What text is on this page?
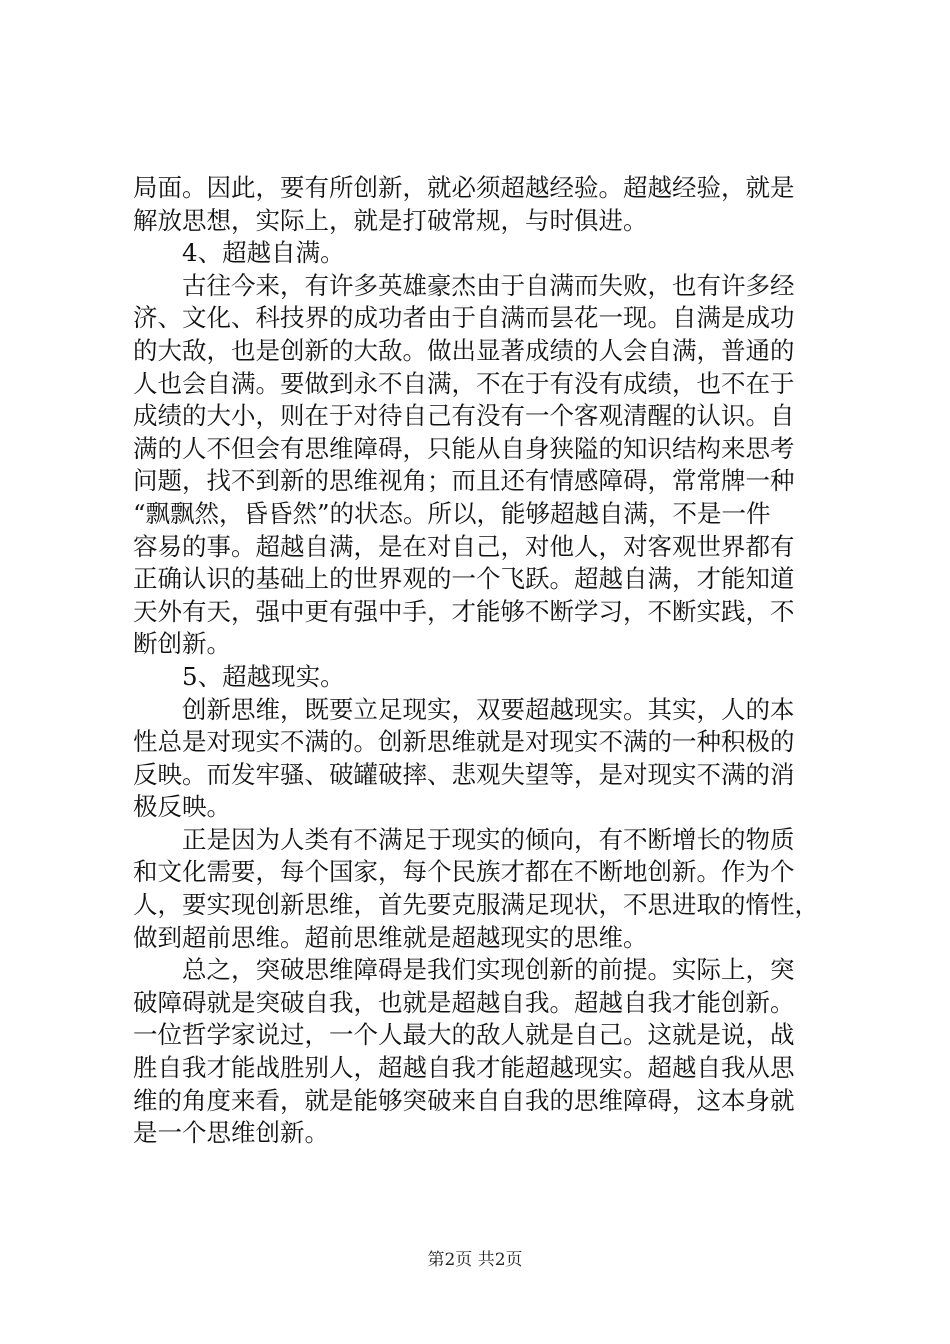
局面。因此，要有所创新，就必须超越经验。超越经验，就是
解放思想，实际上，就是打破常规，与时俱进。

4、超越自满。

古往今来，有许多英雄豪杰由于自满而失败，也有许多经
济、文化、科技界的成功者由于自满而昙花一现。自满是成功
的大敌，也是创新的大敌。做出显著成绩的人会自满，普通的
人也会自满。要做到永不自满，不在于有没有成绩，也不在于
成绩的大小，则在于对待自己有没有一个客观清醒的认识。自
满的人不但会有思维障碍，只能从自身狭隘的知识结构来思考
问题，找不到新的思维视角；而且还有情感障碍，常常牌一种
“飘飘然，昏昏然”的状态。所以，能够超越自满，不是一件
容易的事。超越自满，是在对自己，对他人，对客观世界都有
正确认识的基础上的世界观的一个飞跃。超越自满，才能知道
天外有天，强中更有强中手，才能够不断学习，不断实践，不
断创新。

5、超越现实。

创新思维，既要立足现实，双要超越现实。其实，人的本
性总是对现实不满的。创新思维就是对现实不满的一种积极的
反映。而发牢骚、破罐破摔、悲观失望等，是对现实不满的消
极反映。

正是因为人类有不满足于现实的倾向，有不断增长的物质
和文化需要，每个国家，每个民族才都在不断地创新。作为个
人，要实现创新思维，首先要克服满足现状，不思进取的惰性，
做到超前思维。超前思维就是超越现实的思维。

总之，突破思维障碍是我们实现创新的前提。实际上，突
破障碍就是突破自我，也就是超越自我。超越自我才能创新。
一位哲学家说过，一个人最大的敌人就是自己。这就是说，战
胜自我才能战胜别人，超越自我才能超越现实。超越自我从思
维的角度来看，就是能够突破来自自我的思维障碍，这本身就
是一个思维创新。

第2页 共2页
